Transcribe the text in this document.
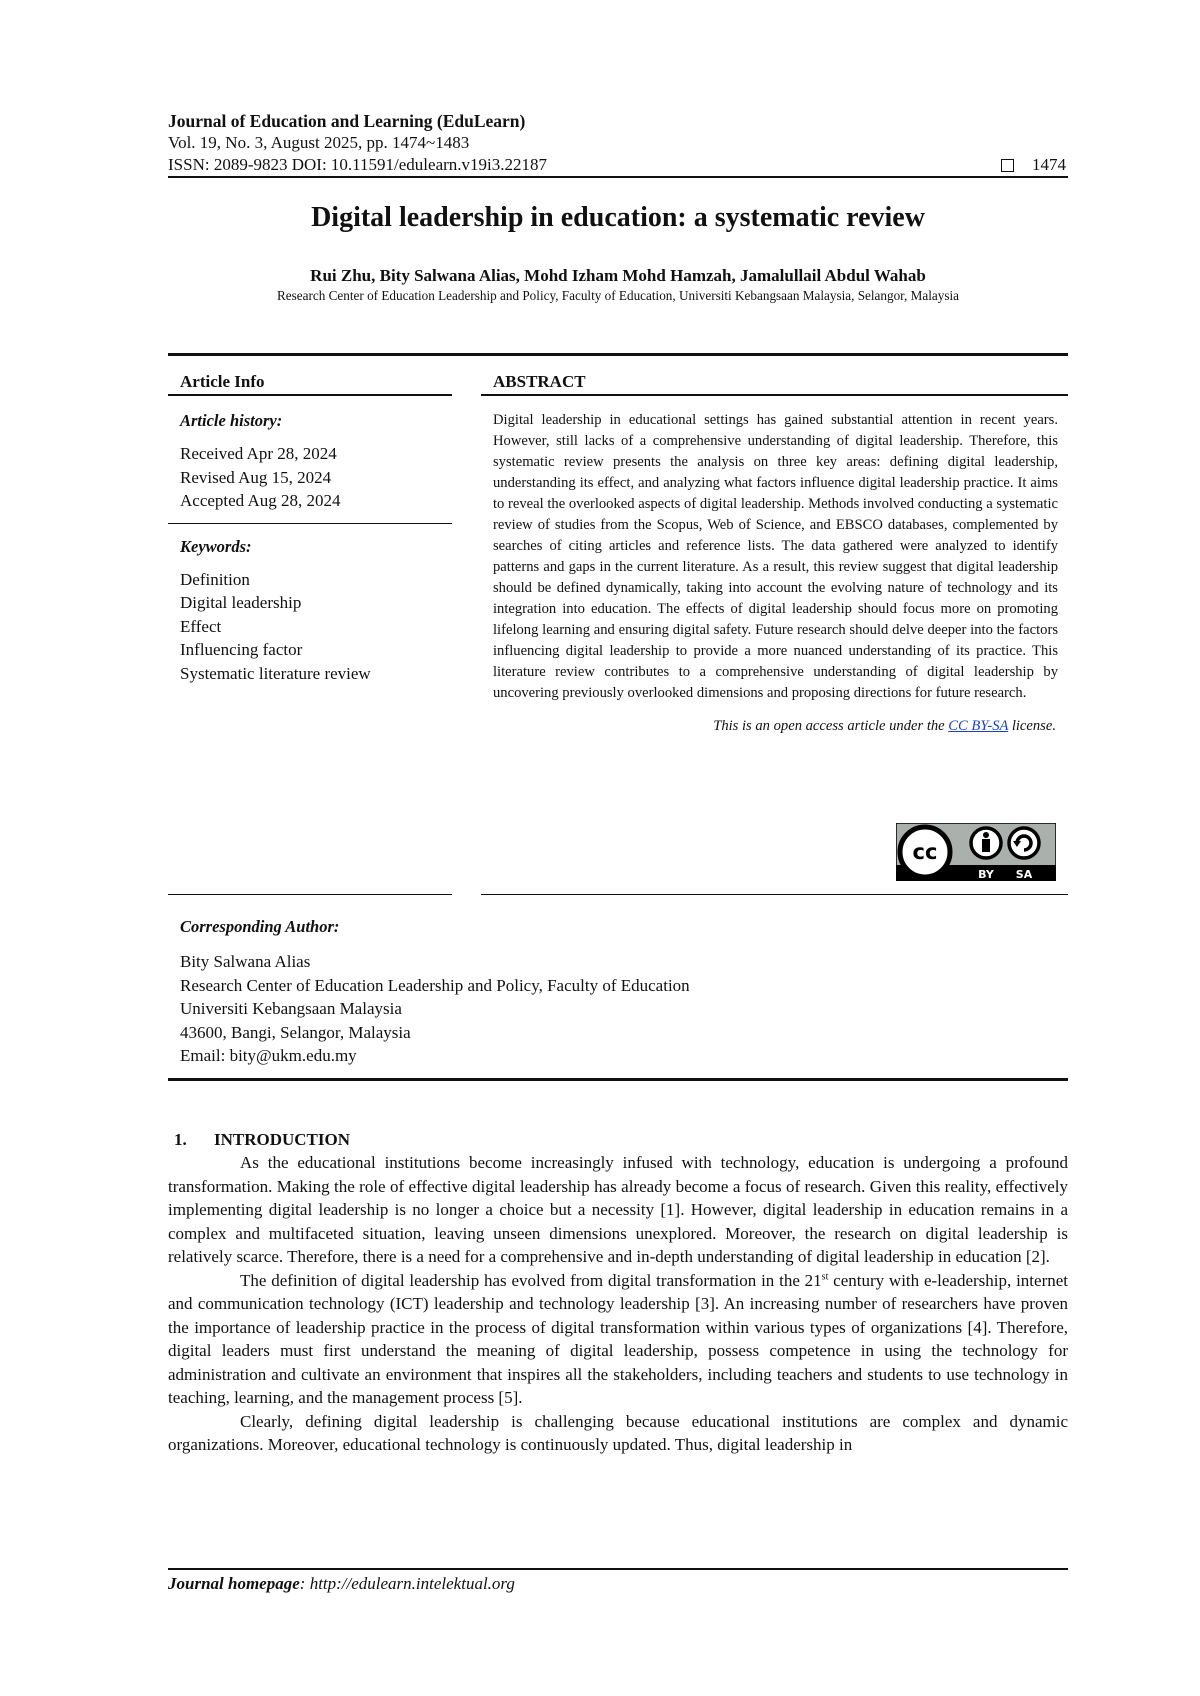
Journal of Education and Learning (EduLearn)
Vol. 19, No. 3, August 2025, pp. 1474~1483
ISSN: 2089-9823 DOI: 10.11591/edulearn.v19i3.22187	1474
Digital leadership in education: a systematic review
Rui Zhu, Bity Salwana Alias, Mohd Izham Mohd Hamzah, Jamalullail Abdul Wahab
Research Center of Education Leadership and Policy, Faculty of Education, Universiti Kebangsaan Malaysia, Selangor, Malaysia
Article Info
Article history:
Received Apr 28, 2024
Revised Aug 15, 2024
Accepted Aug 28, 2024
Keywords:
Definition
Digital leadership
Effect
Influencing factor
Systematic literature review
ABSTRACT
Digital leadership in educational settings has gained substantial attention in recent years. However, still lacks of a comprehensive understanding of digital leadership. Therefore, this systematic review presents the analysis on three key areas: defining digital leadership, understanding its effect, and analyzing what factors influence digital leadership practice. It aims to reveal the overlooked aspects of digital leadership. Methods involved conducting a systematic review of studies from the Scopus, Web of Science, and EBSCO databases, complemented by searches of citing articles and reference lists. The data gathered were analyzed to identify patterns and gaps in the current literature. As a result, this review suggest that digital leadership should be defined dynamically, taking into account the evolving nature of technology and its integration into education. The effects of digital leadership should focus more on promoting lifelong learning and ensuring digital safety. Future research should delve deeper into the factors influencing digital leadership to provide a more nuanced understanding of its practice. This literature review contributes to a comprehensive understanding of digital leadership by uncovering previously overlooked dimensions and proposing directions for future research.
This is an open access article under the CC BY-SA license.
cc
BY SA
Corresponding Author:
Bity Salwana Alias
Research Center of Education Leadership and Policy, Faculty of Education
Universiti Kebangsaan Malaysia
43600, Bangi, Selangor, Malaysia
Email: bity@ukm.edu.my
1.	INTRODUCTION

As the educational institutions become increasingly infused with technology, education is undergoing a profound transformation. Making the role of effective digital leadership has already become a focus of research. Given this reality, effectively implementing digital leadership is no longer a choice but a necessity [1]. However, digital leadership in education remains in a complex and multifaceted situation, leaving unseen dimensions unexplored. Moreover, the research on digital leadership is relatively scarce. Therefore, there is a need for a comprehensive and in-depth understanding of digital leadership in education [2].

The definition of digital leadership has evolved from digital transformation in the 21st century with e-leadership, internet and communication technology (ICT) leadership and technology leadership [3]. An increasing number of researchers have proven the importance of leadership practice in the process of digital transformation within various types of organizations [4]. Therefore, digital leaders must first understand the meaning of digital leadership, possess competence in using the technology for administration and cultivate an environment that inspires all the stakeholders, including teachers and students to use technology in teaching, learning, and the management process [5].

Clearly, defining digital leadership is challenging because educational institutions are complex and dynamic organizations. Moreover, educational technology is continuously updated. Thus, digital leadership in

Journal homepage: http://edulearn.intelektual.org
